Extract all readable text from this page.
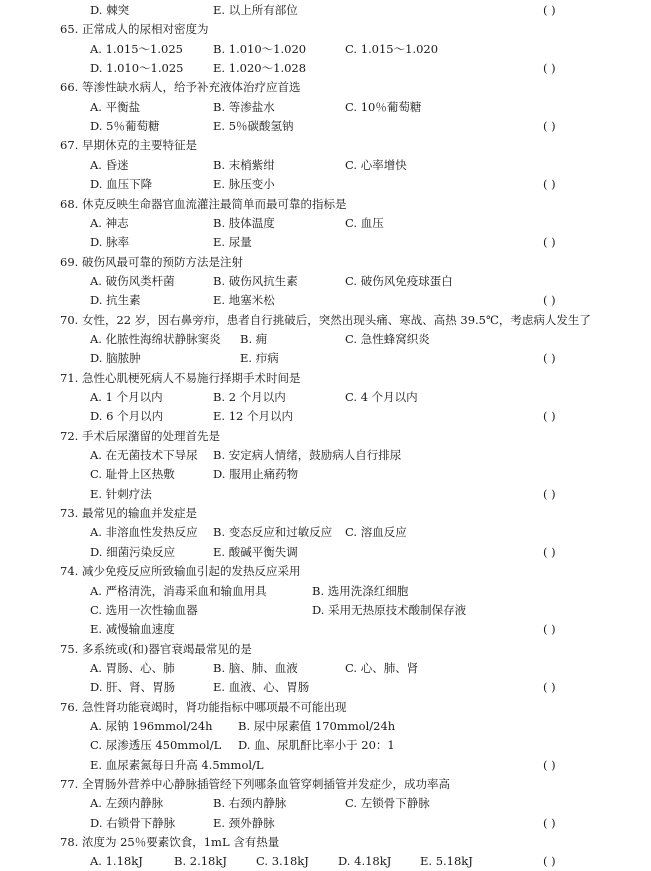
D. 棘突	E. 以上所有部位	( )
65. 正常成人的尿相对密度为
A. 1.015～1.025	B. 1.010～1.020	C. 1.015～1.020
D. 1.010～1.025	E. 1.020～1.028	( )
66. 等渗性缺水病人，给予补充液体治疗应首选
A. 平衡盐	B. 等渗盐水	C. 10％葡萄糖
D. 5％葡萄糖	E. 5％碳酸氢钠	( )
67. 早期休克的主要特征是
A. 昏迷	B. 末梢紫绀	C. 心率增快
D. 血压下降	E. 脉压变小	( )
68. 休克反映生命器官血流灌注最简单而最可靠的指标是
A. 神志	B. 肢体温度	C. 血压
D. 脉率	E. 尿量	( )
69. 破伤风最可靠的预防方法是注射
A. 破伤风类杆菌	B. 破伤风抗生素	C. 破伤风免疫球蛋白
D. 抗生素	E. 地塞米松	( )
70. 女性，22 岁，因右鼻旁疖，患者自行挑破后，突然出现头痛、寒战、高热 39.5℃，考虑病人发生了
A. 化脓性海绵状静脉窦炎 B. 痈	C. 急性蜂窝织炎
D. 脑脓肿	E. 疖病	( )
71. 急性心肌梗死病人不易施行择期手术时间是
A. 1 个月以内	B. 2 个月以内	C. 4 个月以内
D. 6 个月以内	E. 12 个月以内	( )
72. 手术后尿潴留的处理首先是
A. 在无菌技术下导尿 B. 安定病人情绪，鼓励病人自行排尿
C. 耻骨上区热敷	D. 服用止痛药物
E. 针刺疗法	( )
73. 最常见的输血并发症是
A. 非溶血性发热反应 B. 变态反应和过敏反应 C. 溶血反应
D. 细菌污染反应	E. 酸碱平衡失调	( )
74. 减少免疫反应所致输血引起的发热反应采用
A. 严格清洗，消毒采血和输血用具	B. 选用洗涤红细胞
C. 选用一次性输血器	D. 采用无热原技术酸制保存液
E. 减慢输血速度	( )
75. 多系统或(和)器官衰竭最常见的是
A. 胃肠、心、肺	B. 脑、肺、血液	C. 心、肺、肾
D. 肝、肾、胃肠	E. 血液、心、胃肠	( )
76. 急性肾功能衰竭时，肾功能指标中哪项最不可能出现
A. 尿钠 196mmol/24h B. 尿中尿素值 170mmol/24h
C. 尿渗透压 450mmol/L D. 血、尿肌酐比率小于 20：1
E. 血尿素氮每日升高 4.5mmol/L	( )
77. 全胃肠外营养中心静脉插管经下列哪条血管穿刺插管并发症少，成功率高
A. 左颈内静脉	B. 右颈内静脉	C. 左锁骨下静脉
D. 右锁骨下静脉	E. 颈外静脉	( )
78. 浓度为 25％要素饮食，1mL 含有热量
A. 1.18kJ	B. 2.18kJ	C. 3.18kJ	D. 4.18kJ E. 5.18kJ	( )
